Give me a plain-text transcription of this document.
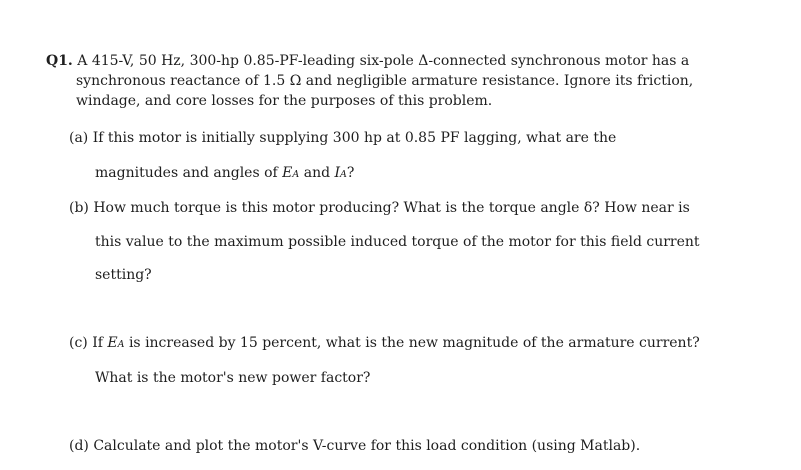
Q1. A 415-V, 50 Hz, 300-hp 0.85-PF-leading six-pole Δ-connected synchronous motor has a
synchronous reactance of 1.5 Ω and negligible armature resistance. Ignore its friction,
windage, and core losses for the purposes of this problem.
(a) If this motor is initially supplying 300 hp at 0.85 PF lagging, what are the
magnitudes and angles of EA and IA?
(b) How much torque is this motor producing? What is the torque angle δ? How near is
this value to the maximum possible induced torque of the motor for this field current
setting?
(c) If EA is increased by 15 percent, what is the new magnitude of the armature current?
What is the motor's new power factor?
(d) Calculate and plot the motor's V-curve for this load condition (using Matlab).
